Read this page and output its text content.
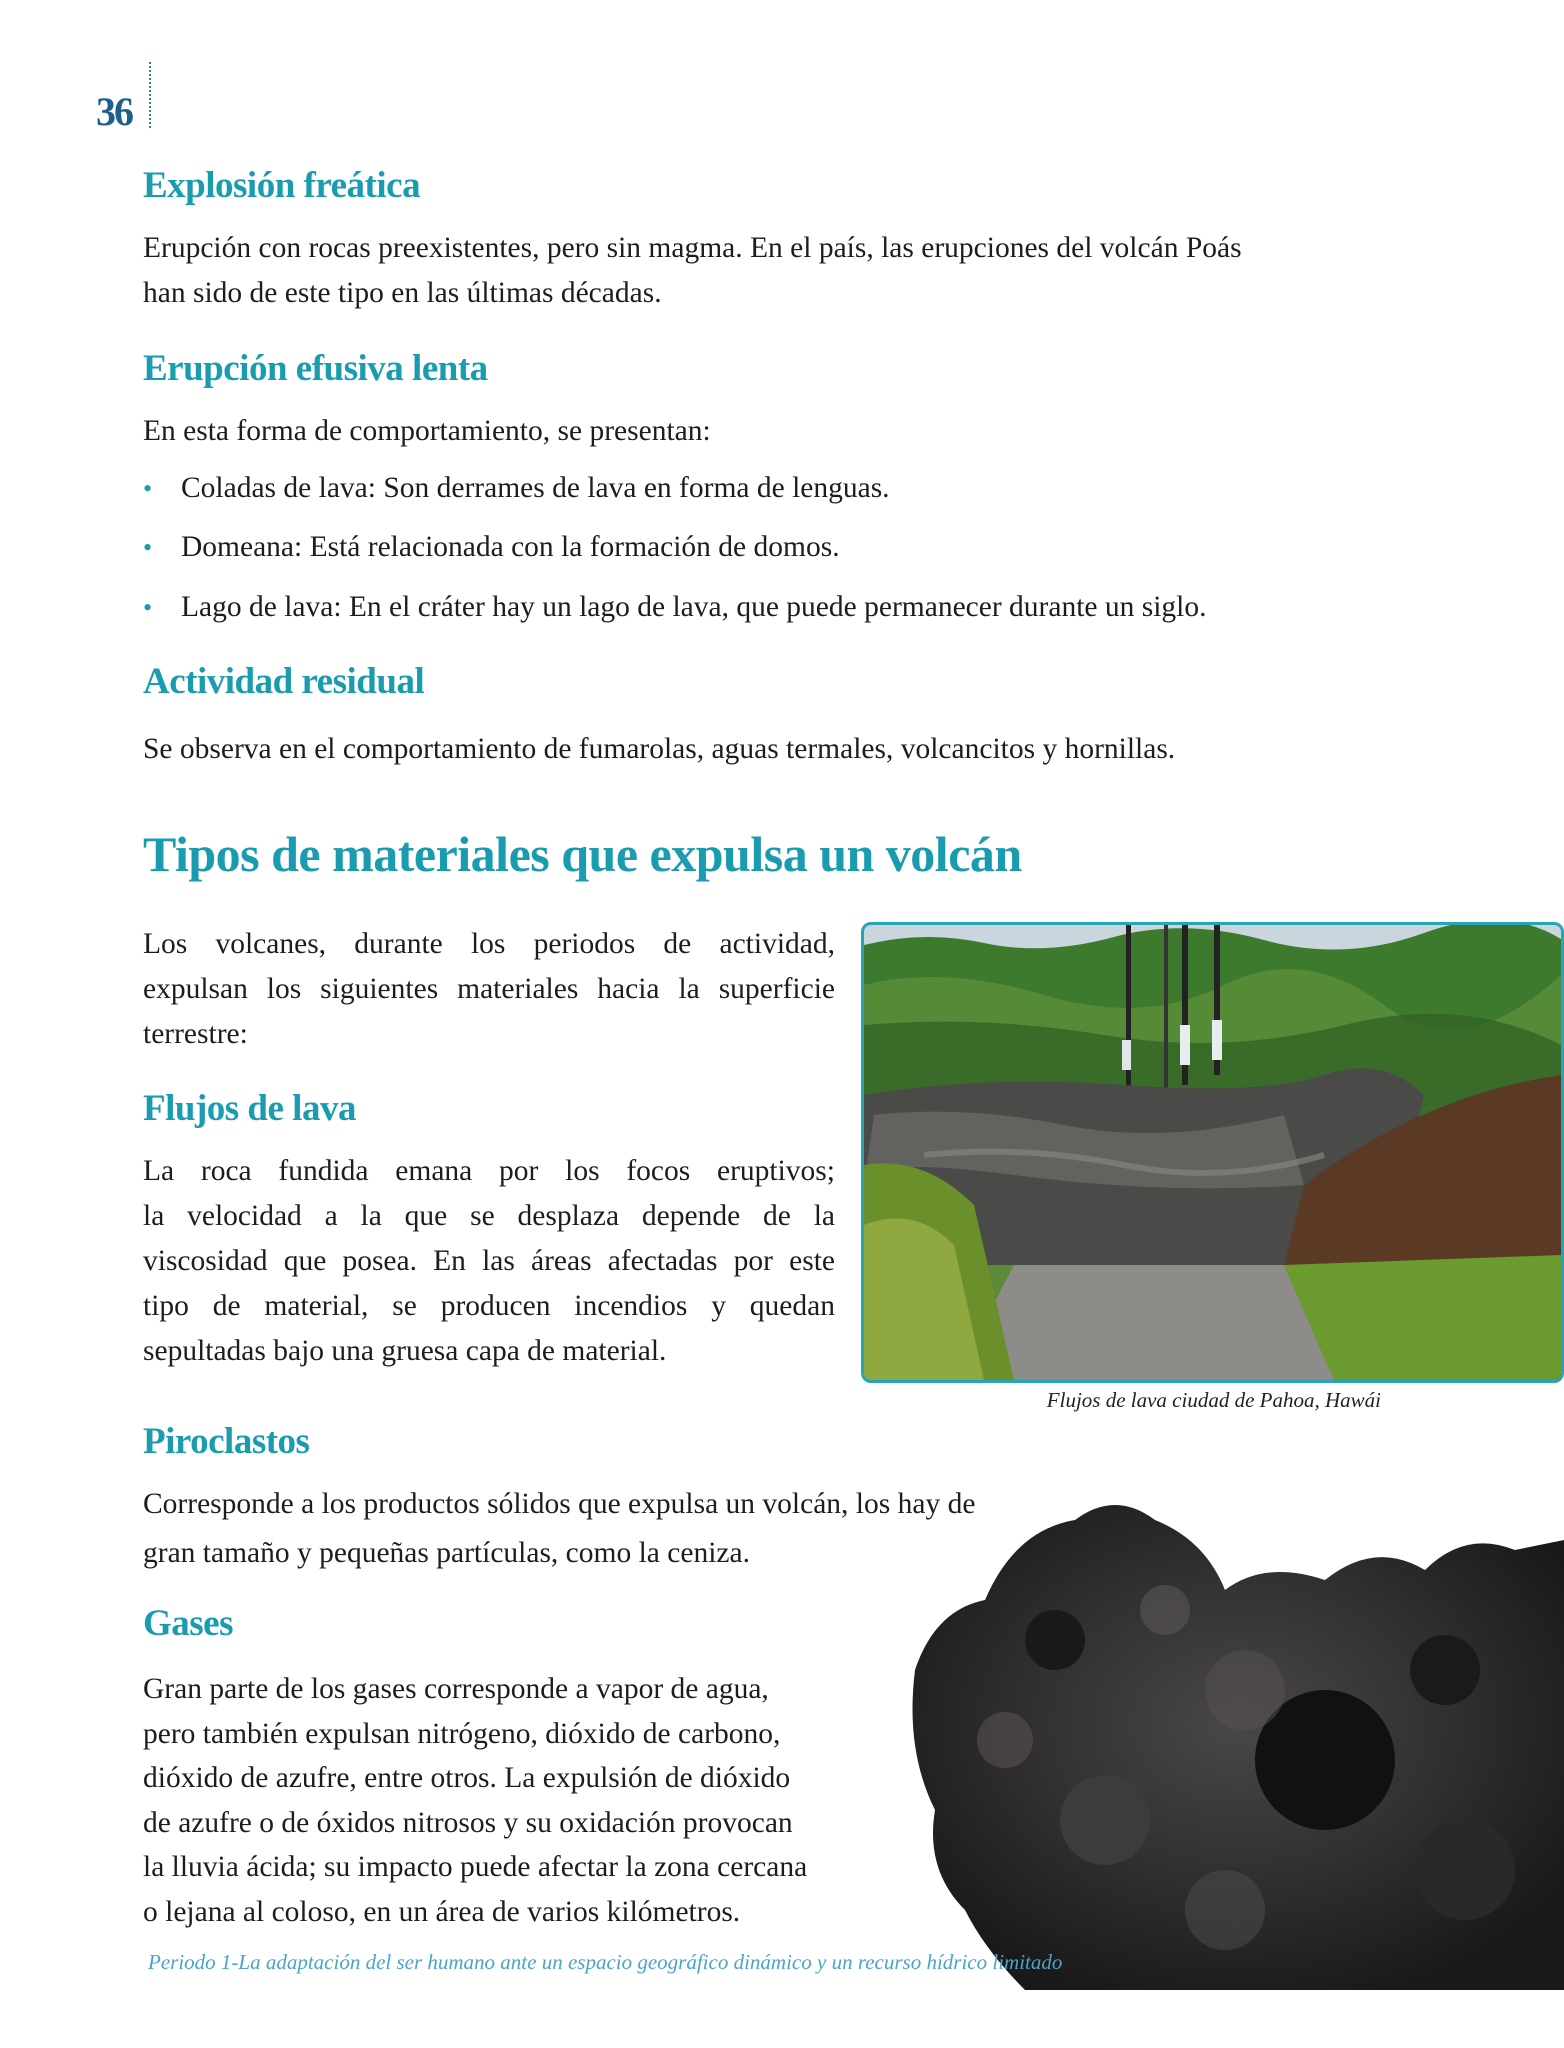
36
Explosión freática
Erupción con rocas preexistentes, pero sin magma. En el país, las erupciones del volcán Poás
han sido de este tipo en las últimas décadas.
Erupción efusiva lenta
En esta forma de comportamiento, se presentan:
• Coladas de lava: Son derrames de lava en forma de lenguas.
• Domeana: Está relacionada con la formación de domos.
• Lago de lava: En el cráter hay un lago de lava, que puede permanecer durante un siglo.
Actividad residual
Se observa en el comportamiento de fumarolas, aguas termales, volcancitos y hornillas.
Tipos de materiales que expulsa un volcán
Los volcanes, durante los periodos de actividad,
expulsan los siguientes materiales hacia la superficie
terrestre:
Flujos de lava
La roca fundida emana por los focos eruptivos;
la velocidad a la que se desplaza depende de la
viscosidad que posea. En las áreas afectadas por este
tipo de material, se producen incendios y quedan
sepultadas bajo una gruesa capa de material.
Flujos de lava ciudad de Pahoa, Hawái
Piroclastos
Corresponde a los productos sólidos que expulsa un volcán, los hay de
gran tamaño y pequeñas partículas, como la ceniza.
Gases
Gran parte de los gases corresponde a vapor de agua,
pero también expulsan nitrógeno, dióxido de carbono,
dióxido de azufre, entre otros. La expulsión de dióxido
de azufre o de óxidos nitrosos y su oxidación provocan
la lluvia ácida; su impacto puede afectar la zona cercana
o lejana al coloso, en un área de varios kilómetros.
Periodo 1-La adaptación del ser humano ante un espacio geográfico dinámico y un recurso hídrico limitado
